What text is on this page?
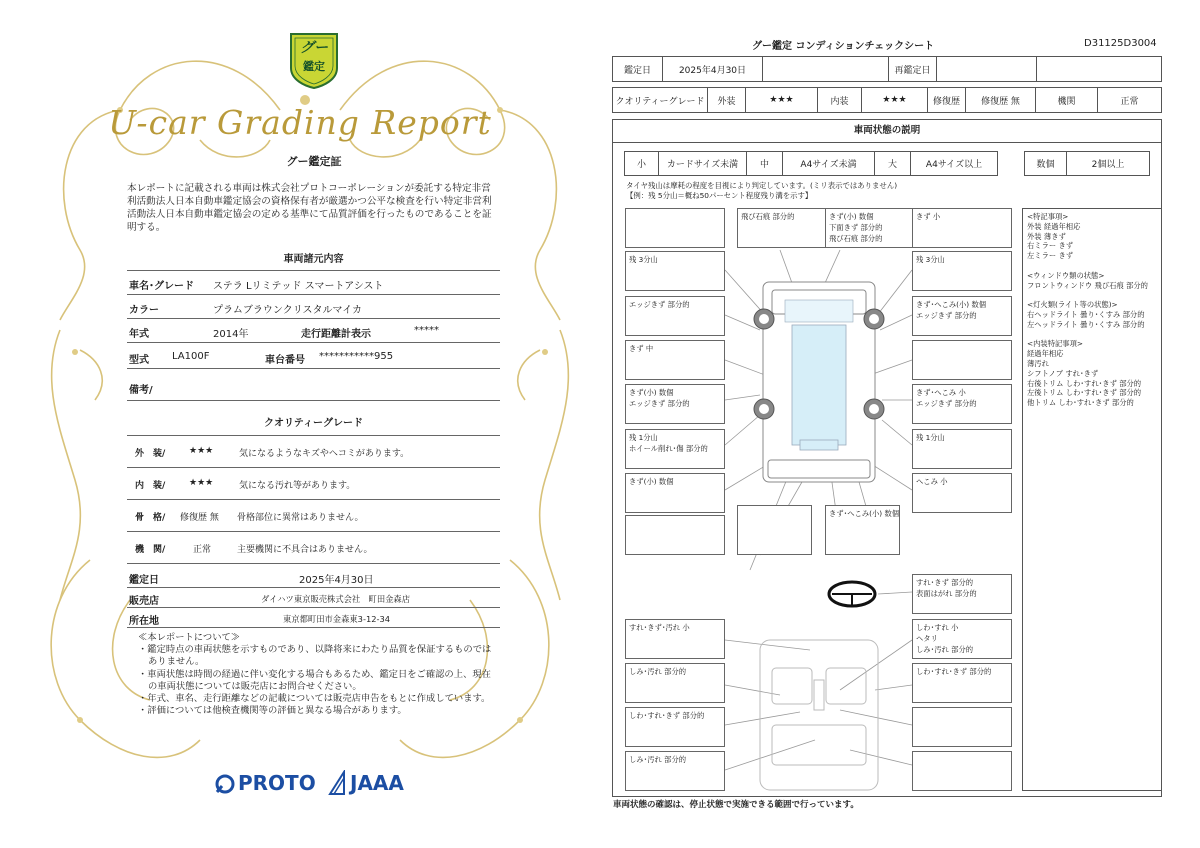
グー
鑑定
U-car Grading Report
グー鑑定証
本レポートに記載される車両は株式会社プロトコーポレーションが委託する特定非営利活動法人日本自動車鑑定協会の資格保有者が厳選かつ公平な検査を行い特定非営利活動法人日本自動車鑑定協会の定める基準にて品質評価を行ったものであることを証明する。
車両諸元内容
車名･グレード ステラ Lリミテッド スマートアシスト
カラー	プラムブラウンクリスタルマイカ
年式	2014年	走行距離計表示	*****
型式 LA100F	車台番号 ***********955
備考/
クオリティーグレード
外　装/	★★★	気になるようなキズやヘコミがあります。
内　装/	★★★	気になる汚れ等があります。
骨　格/ 修復歴 無 骨格部位に異常はありません。
機　関/	正常	主要機関に不具合はありません。
鑑定日	2025年4月30日
販売店	ダイハツ東京販売株式会社　町田金森店
所在地	東京都町田市金森東3-12-34
≪本レポートについて≫
・鑑定時点の車両状態を示すものであり、以降将来にわたり品質を保証するものではありません。
・車両状態は時間の経過に伴い変化する場合もあるため、鑑定日をご確認の上、現在の車両状態については販売店にお問合せください。
・年式、車名、走行距離などの記載については販売店申告をもとに作成しています。
・評価については他検査機関等の評価と異なる場合があります。
PROTO JAAA
グー鑑定 コンディションチェックシート	D31125D3004
鑑定日	2025年4月30日	再鑑定日
クオリティーグレード	外装	★★★	内装	★★★	修復歴	修復歴 無	機関	正常
車両状態の説明
小	カードサイズ未満	中	A4サイズ未満	大	A4サイズ以上	数個	2個以上
タイヤ残山は摩耗の程度を目視により判定しています。(ミリ表示ではありません)
【例：残 5分山＝概ね50パーセント程度残り溝を示す】
飛び石痕 部分的	きず(小) 数個
下面きず 部分的
飛び石痕 部分的
きず 小
残 3分山	残 3分山
エッジきず 部分的	きず･へこみ(小) 数個
エッジきず 部分的
きず 中
きず(小) 数個
エッジきず 部分的
きず･へこみ 小
エッジきず 部分的
残 1分山
ホイール削れ･傷 部分的
残 1分山
きず(小) 数個	へこみ 小
きず･へこみ(小) 数個
すれ･きず 部分的
表面はがれ 部分的
すれ･きず･汚れ 小	しわ･すれ 小
ヘタリ
しみ･汚れ 部分的
しみ･汚れ 部分的	しわ･すれ･きず 部分的
しわ･すれ･きず 部分的
しみ･汚れ 部分的
<特記事項>
外装 経過年相応
外装 薄きず
右ミラー きず
左ミラー きず
<ウィンドウ類の状態>
フロントウィンドウ 飛び石痕 部分的
<灯火類(ライト等の状態)>
右ヘッドライト 曇り･くすみ 部分的
左ヘッドライト 曇り･くすみ 部分的
<内装特記事項>
経過年相応
薄汚れ
シフトノブ すれ･きず
右後トリム しわ･すれ･きず 部分的
左後トリム しわ･すれ･きず 部分的
他トリム しわ･すれ･きず 部分的
車両状態の確認は、停止状態で実施できる範囲で行っています。
